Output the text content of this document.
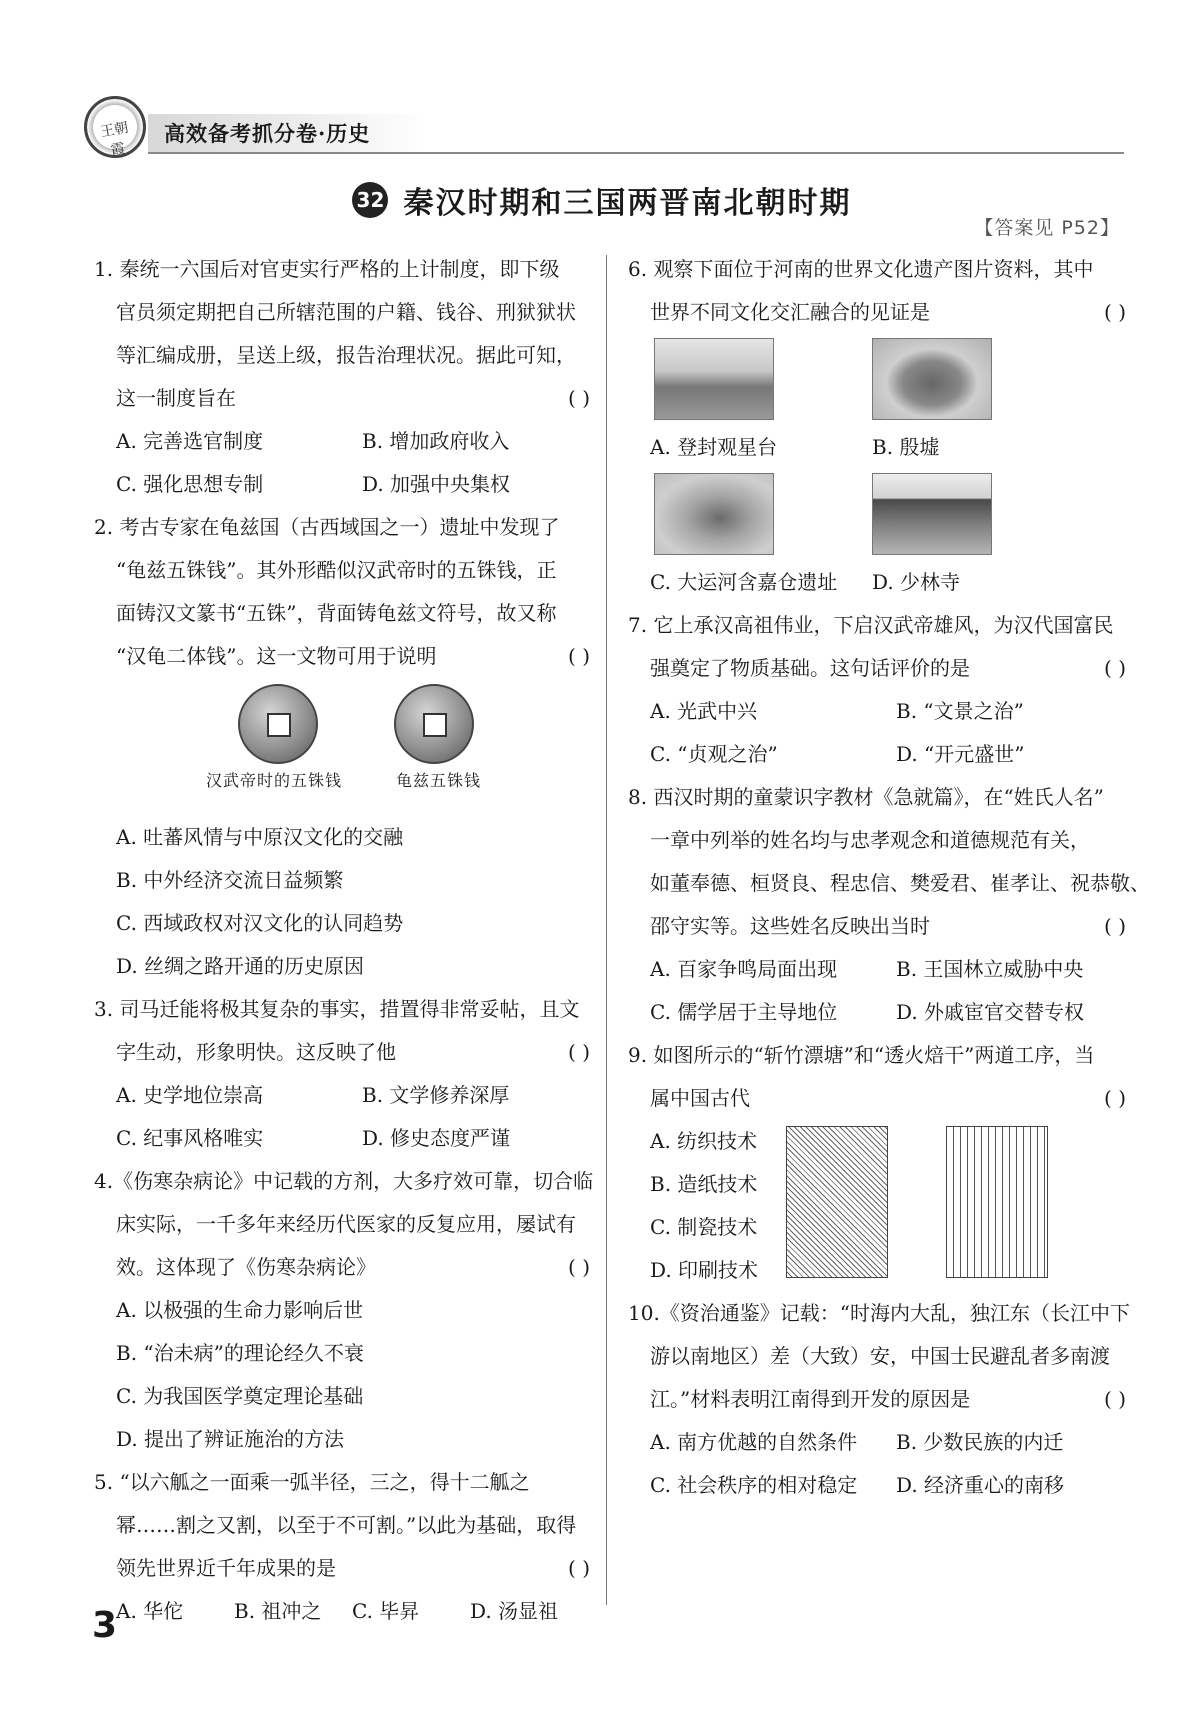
王朝霞
高效备考抓分卷·历史
32 秦汉时期和三国两晋南北朝时期
【答案见 P52】
1. 秦统一六国后对官吏实行严格的上计制度，即下级
官员须定期把自己所辖范围的户籍、钱谷、刑狱狱状
等汇编成册，呈送上级，报告治理状况。据此可知，
这一制度旨在	( )
A. 完善选官制度	B. 增加政府收入
C. 强化思想专制	D. 加强中央集权
2. 考古专家在龟兹国（古西域国之一）遗址中发现了
“龟兹五铢钱”。其外形酷似汉武帝时的五铢钱，正
面铸汉文篆书“五铢”，背面铸龟兹文符号，故又称
“汉龟二体钱”。这一文物可用于说明	( )
汉武帝时的五铢钱	龟兹五铢钱
A. 吐蕃风情与中原汉文化的交融
B. 中外经济交流日益频繁
C. 西域政权对汉文化的认同趋势
D. 丝绸之路开通的历史原因
3. 司马迁能将极其复杂的事实，措置得非常妥帖，且文
字生动，形象明快。这反映了他	( )
A. 史学地位崇高	B. 文学修养深厚
C. 纪事风格唯实	D. 修史态度严谨
4.《伤寒杂病论》中记载的方剂，大多疗效可靠，切合临
床实际，一千多年来经历代医家的反复应用，屡试有
效。这体现了《伤寒杂病论》	( )
A. 以极强的生命力影响后世
B. “治未病”的理论经久不衰
C. 为我国医学奠定理论基础
D. 提出了辨证施治的方法
5. “以六觚之一面乘一弧半径，三之，得十二觚之
幂……割之又割，以至于不可割。”以此为基础，取得
领先世界近千年成果的是	( )
A. 华佗	B. 祖冲之 C. 毕昇	D. 汤显祖
6. 观察下面位于河南的世界文化遗产图片资料，其中
世界不同文化交汇融合的见证是	( )
A. 登封观星台	B. 殷墟
C. 大运河含嘉仓遗址 D. 少林寺
7. 它上承汉高祖伟业，下启汉武帝雄风，为汉代国富民
强奠定了物质基础。这句话评价的是	( )
A. 光武中兴	B. “文景之治”
C. “贞观之治”	D. “开元盛世”
8. 西汉时期的童蒙识字教材《急就篇》，在“姓氏人名”
一章中列举的姓名均与忠孝观念和道德规范有关，
如董奉德、桓贤良、程忠信、樊爱君、崔孝让、祝恭敬、
邵守实等。这些姓名反映出当时	( )
A. 百家争鸣局面出现	B. 王国林立威胁中央
C. 儒学居于主导地位	D. 外戚宦官交替专权
9. 如图所示的“斩竹漂塘”和“透火焙干”两道工序，当
属中国古代	( )
A. 纺织技术
B. 造纸技术
C. 制瓷技术
D. 印刷技术
10.《资治通鉴》记载：“时海内大乱，独江东（长江中下
游以南地区）差（大致）安，中国士民避乱者多南渡
江。”材料表明江南得到开发的原因是	( )
A. 南方优越的自然条件 B. 少数民族的内迁
C. 社会秩序的相对稳定 D. 经济重心的南移
3
